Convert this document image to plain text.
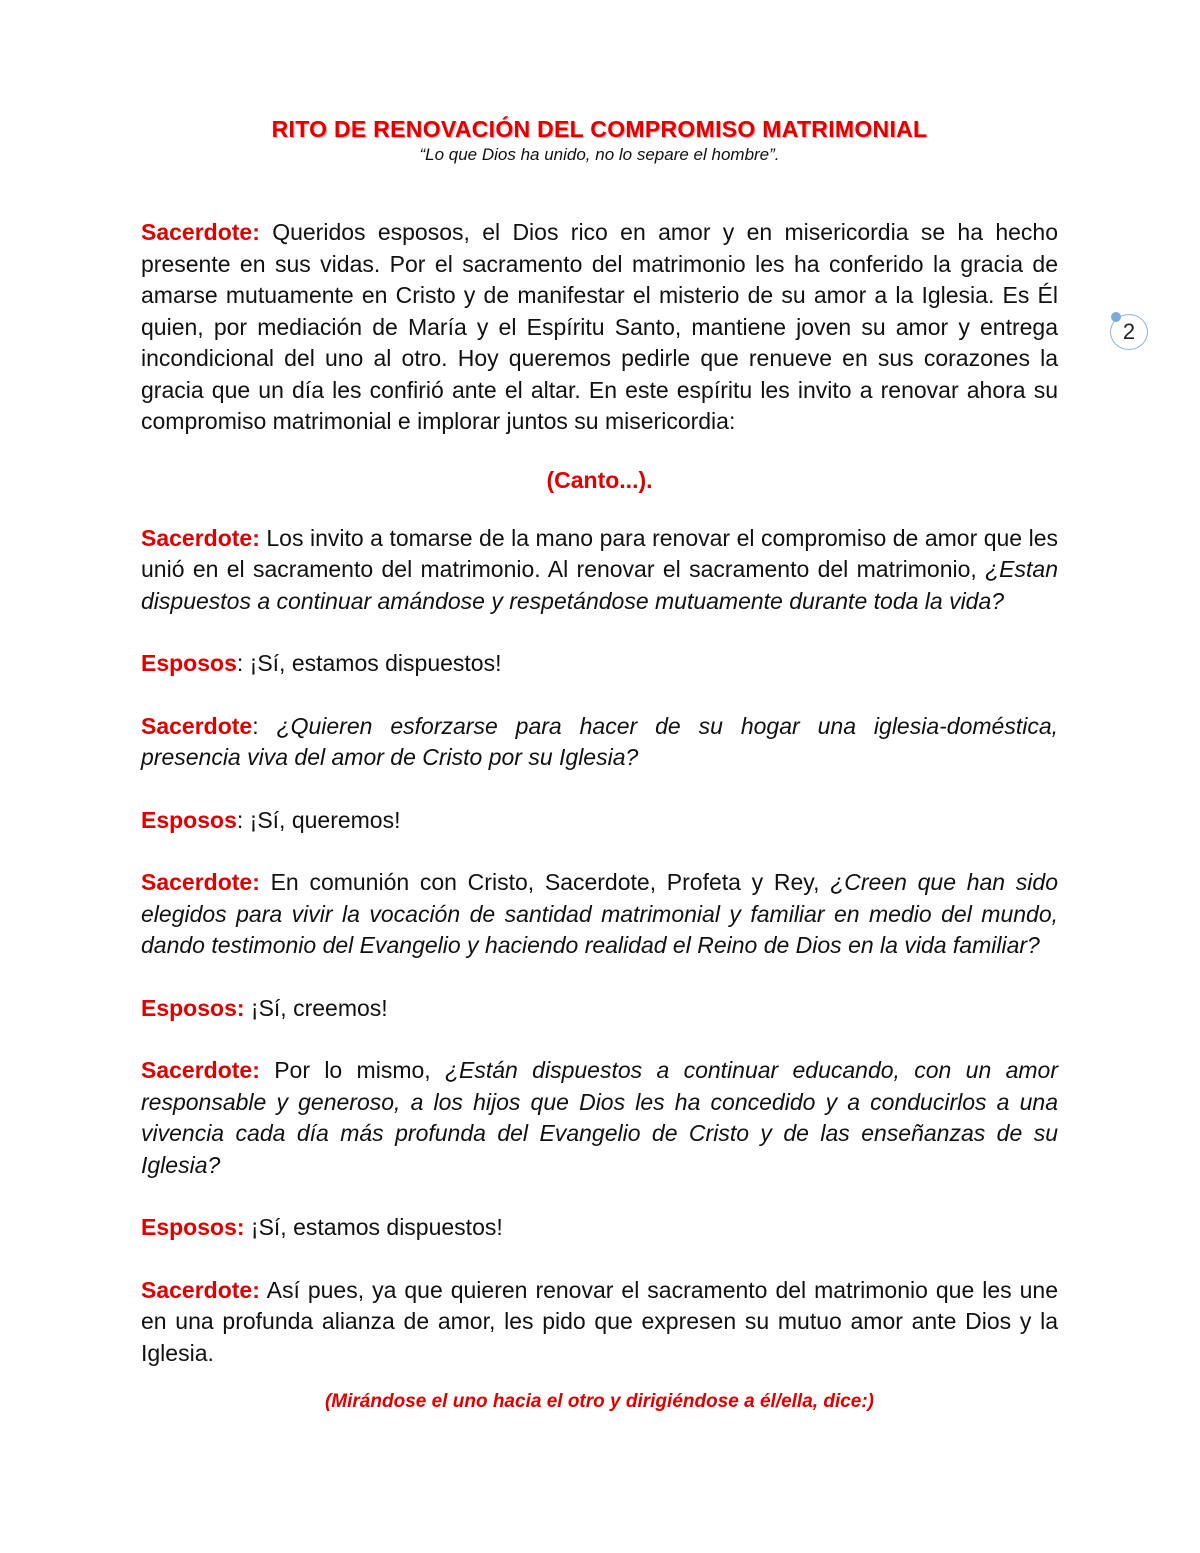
RITO DE RENOVACIÓN DEL COMPROMISO MATRIMONIAL

“Lo que Dios ha unido, no lo separe el hombre”.

Sacerdote: Queridos esposos, el Dios rico en amor y en misericordia se ha hecho presente en sus vidas. Por el sacramento del matrimonio les ha conferido la gracia de amarse mutuamente en Cristo y de manifestar el misterio de su amor a la Iglesia. Es Él quien, por mediación de María y el Espíritu Santo, mantiene joven su amor y entrega incondicional del uno al otro. Hoy queremos pedirle que renueve en sus corazones la gracia que un día les confirió ante el altar. En este espíritu les invito a renovar ahora su compromiso matrimonial e implorar juntos su misericordia:

(Canto...).

Sacerdote: Los invito a tomarse de la mano para renovar el compromiso de amor que les unió en el sacramento del matrimonio. Al renovar el sacramento del matrimonio, ¿Estan dispuestos a continuar amándose y respetándose mutuamente durante toda la vida?

Esposos: ¡Sí, estamos dispuestos!

Sacerdote: ¿Quieren esforzarse para hacer de su hogar una iglesia-doméstica, presencia viva del amor de Cristo por su Iglesia?

Esposos: ¡Sí, queremos!

Sacerdote: En comunión con Cristo, Sacerdote, Profeta y Rey, ¿Creen que han sido elegidos para vivir la vocación de santidad matrimonial y familiar en medio del mundo, dando testimonio del Evangelio y haciendo realidad el Reino de Dios en la vida familiar?

Esposos: ¡Sí, creemos!

Sacerdote: Por lo mismo, ¿Están dispuestos a continuar educando, con un amor responsable y generoso, a los hijos que Dios les ha concedido y a conducirlos a una vivencia cada día más profunda del Evangelio de Cristo y de las enseñanzas de su Iglesia?

Esposos: ¡Sí, estamos dispuestos!

Sacerdote: Así pues, ya que quieren renovar el sacramento del matrimonio que les une en una profunda alianza de amor, les pido que expresen su mutuo amor ante Dios y la Iglesia.

(Mirándose el uno hacia el otro y dirigiéndose a él/ella, dice:)

2
